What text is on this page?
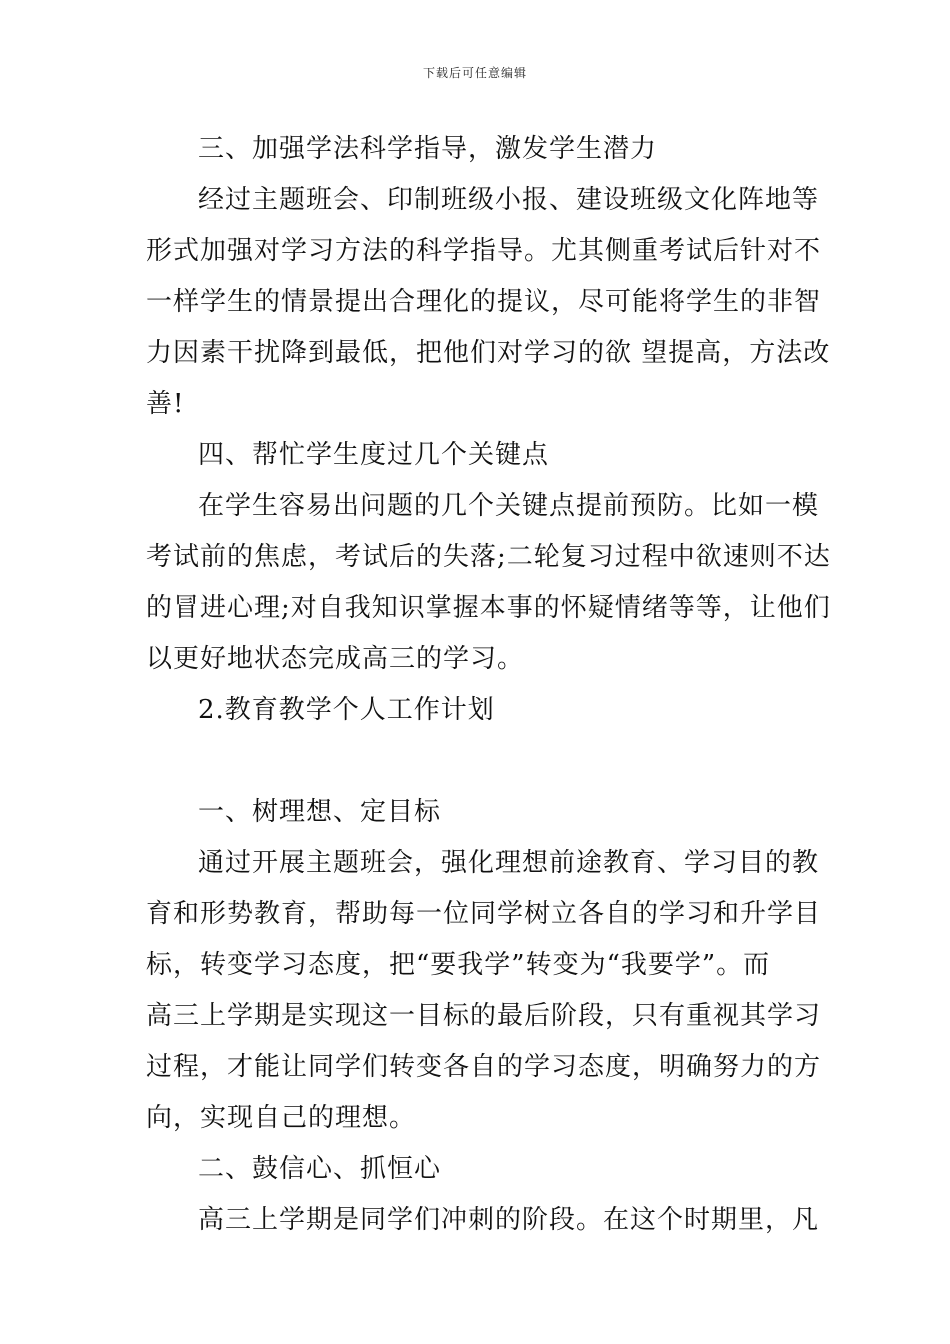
下载后可任意编辑
三、加强学法科学指导，激发学生潜力
经过主题班会、印制班级小报、建设班级文化阵地等
形式加强对学习方法的科学指导。尤其侧重考试后针对不
一样学生的情景提出合理化的提议，尽可能将学生的非智
力因素干扰降到最低，把他们对学习的欲 望提高，方法改
善!
四、帮忙学生度过几个关键点
在学生容易出问题的几个关键点提前预防。比如一模
考试前的焦虑，考试后的失落;二轮复习过程中欲速则不达
的冒进心理;对自我知识掌握本事的怀疑情绪等等，让他们
以更好地状态完成高三的学习。
2.教育教学个人工作计划
一、树理想、定目标
通过开展主题班会，强化理想前途教育、学习目的教
育和形势教育，帮助每一位同学树立各自的学习和升学目
标，转变学习态度，把“要我学”转变为“我要学”。而
高三上学期是实现这一目标的最后阶段，只有重视其学习
过程，才能让同学们转变各自的学习态度，明确努力的方
向，实现自己的理想。
二、鼓信心、抓恒心
高三上学期是同学们冲刺的阶段。在这个时期里，凡
